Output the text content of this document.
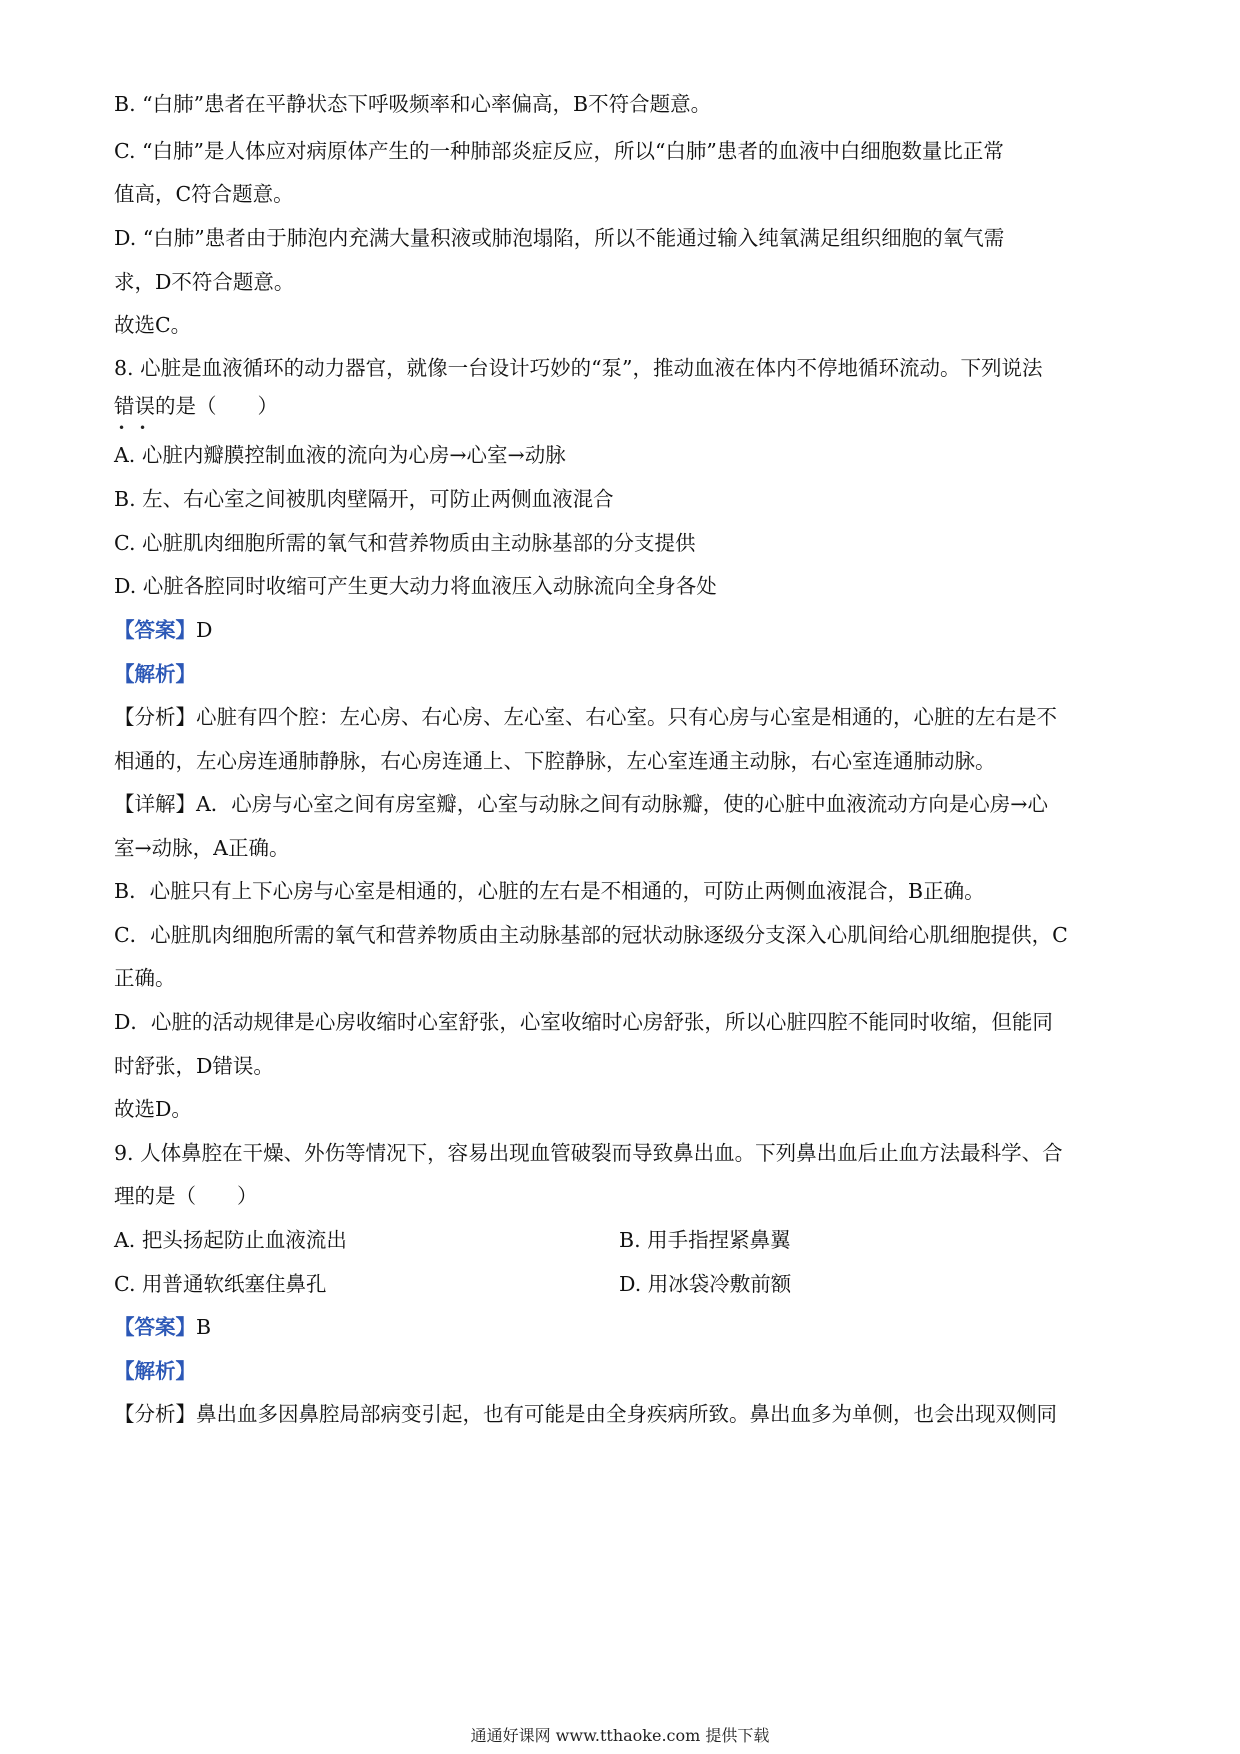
B. “白肺”患者在平静状态下呼吸频率和心率偏高，B不符合题意。
C. “白肺”是人体应对病原体产生的一种肺部炎症反应，所以“白肺”患者的血液中白细胞数量比正常
值高，C符合题意。
D. “白肺”患者由于肺泡内充满大量积液或肺泡塌陷，所以不能通过输入纯氧满足组织细胞的氧气需
求，D不符合题意。
故选C。
8. 心脏是血液循环的动力器官，就像一台设计巧妙的“泵”，推动血液在体内不停地循环流动。下列说法
错误
• •
的是（　　）
A. 心脏内瓣膜控制血液的流向为心房→心室→动脉
B. 左、右心室之间被肌肉壁隔开，可防止两侧血液混合
C. 心脏肌肉细胞所需的氧气和营养物质由主动脉基部的分支提供
D. 心脏各腔同时收缩可产生更大动力将血液压入动脉流向全身各处
【答案】D
【解析】
【分析】心脏有四个腔：左心房、右心房、左心室、右心室。只有心房与心室是相通的，心脏的左右是不
相通的，左心房连通肺静脉，右心房连通上、下腔静脉，左心室连通主动脉，右心室连通肺动脉。
【详解】A．心房与心室之间有房室瓣，心室与动脉之间有动脉瓣，使的心脏中血液流动方向是心房→心
室→动脉，A正确。
B．心脏只有上下心房与心室是相通的，心脏的左右是不相通的，可防止两侧血液混合，B正确。
C．心脏肌肉细胞所需的氧气和营养物质由主动脉基部的冠状动脉逐级分支深入心肌间给心肌细胞提供，C
正确。
D．心脏的活动规律是心房收缩时心室舒张，心室收缩时心房舒张，所以心脏四腔不能同时收缩，但能同
时舒张，D错误。
故选D。
9. 人体鼻腔在干燥、外伤等情况下，容易出现血管破裂而导致鼻出血。下列鼻出血后止血方法最科学、合
理的是（　　）
A. 把头扬起防止血液流出	B. 用手指捏紧鼻翼
C. 用普通软纸塞住鼻孔	D. 用冰袋冷敷前额
【答案】B
【解析】
【分析】鼻出血多因鼻腔局部病变引起，也有可能是由全身疾病所致。鼻出血多为单侧，也会出现双侧同
通通好课网 www.tthaoke.com 提供下载
